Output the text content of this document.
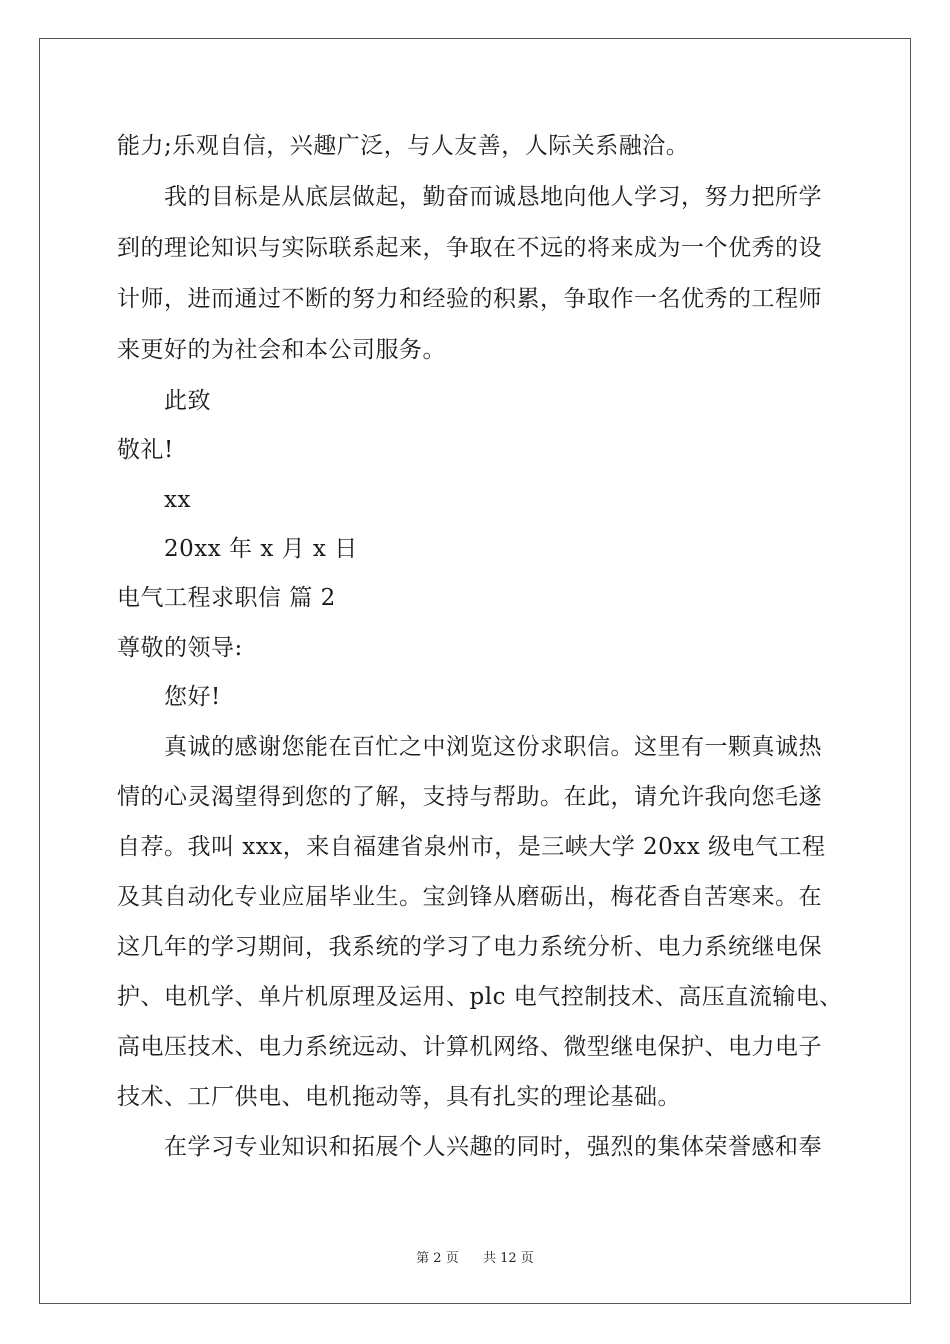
能力;乐观自信，兴趣广泛，与人友善，人际关系融洽。
我的目标是从底层做起，勤奋而诚恳地向他人学习，努力把所学
到的理论知识与实际联系起来，争取在不远的将来成为一个优秀的设
计师，进而通过不断的努力和经验的积累，争取作一名优秀的工程师
来更好的为社会和本公司服务。
此致
敬礼!
xx
20xx 年 x 月 x 日
电气工程求职信 篇 2
尊敬的领导:
您好!
真诚的感谢您能在百忙之中浏览这份求职信。这里有一颗真诚热
情的心灵渴望得到您的了解，支持与帮助。在此，请允许我向您毛遂
自荐。我叫 xxx，来自福建省泉州市，是三峡大学 20xx 级电气工程
及其自动化专业应届毕业生。宝剑锋从磨砺出，梅花香自苦寒来。在
这几年的学习期间，我系统的学习了电力系统分析、电力系统继电保
护、电机学、单片机原理及运用、plc 电气控制技术、高压直流输电、
高电压技术、电力系统远动、计算机网络、微型继电保护、电力电子
技术、工厂供电、电机拖动等，具有扎实的理论基础。
在学习专业知识和拓展个人兴趣的同时，强烈的集体荣誉感和奉
第 2 页 共 12 页
